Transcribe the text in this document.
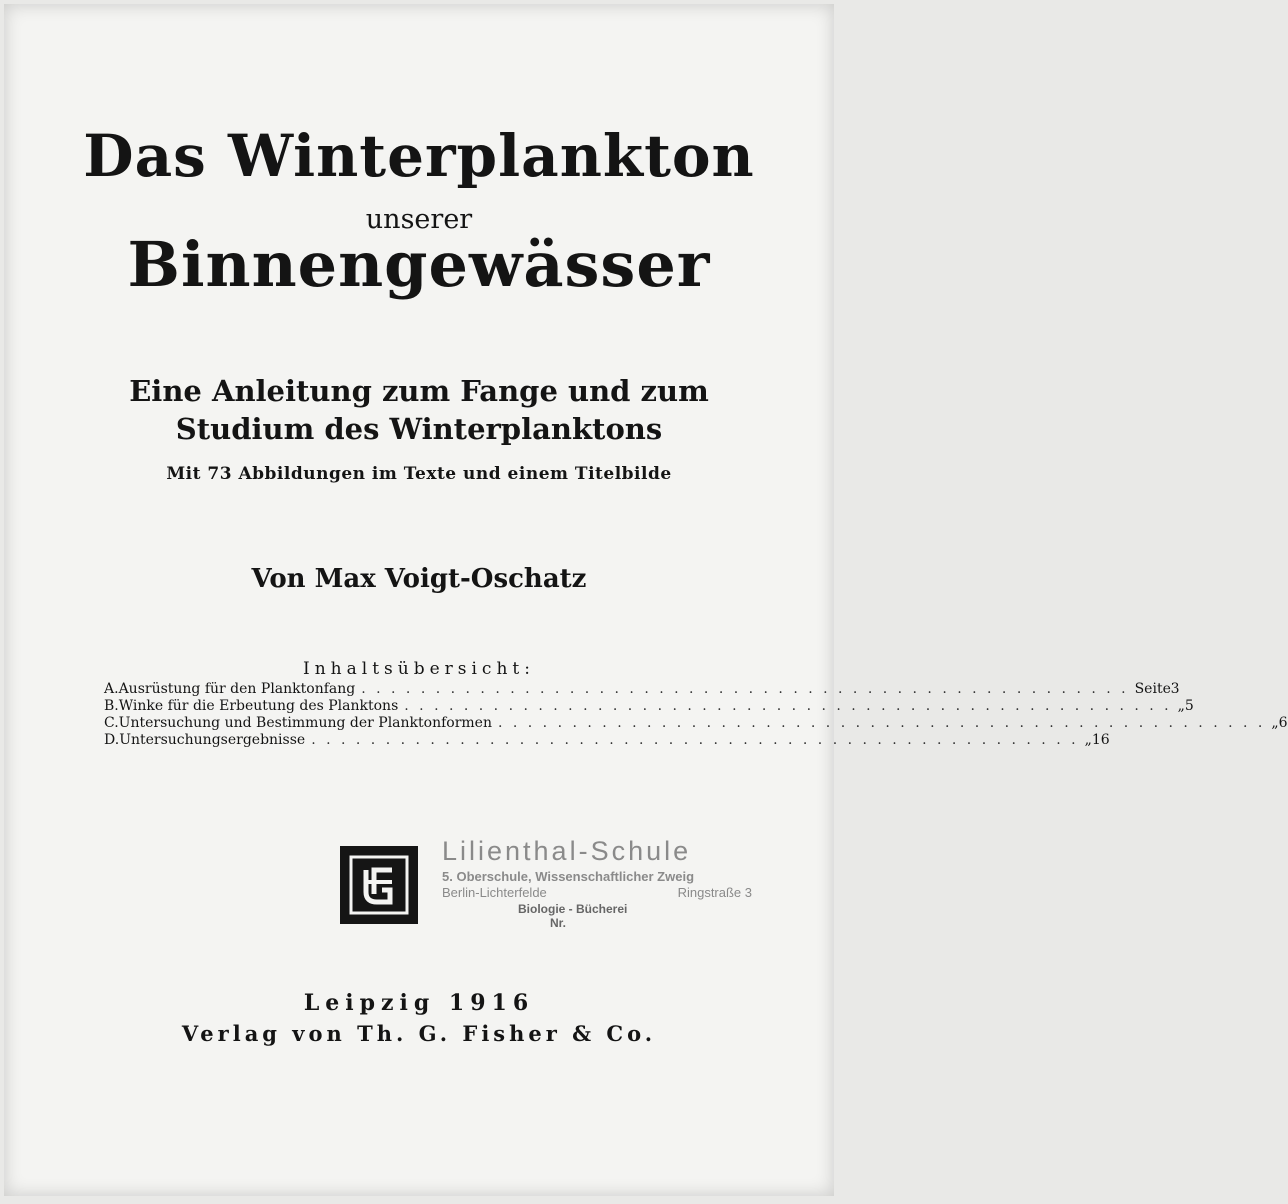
Das Winterplankton
unserer
Binnengewässer
Eine Anleitung zum Fange und zum
Studium des Winterplanktons
Mit 73 Abbildungen im Texte und einem Titelbilde
Von Max Voigt-Oschatz
Inhaltsübersicht:
A. Ausrüstung für den Planktonfang . . . . . . . . . . . . . . . . . . . . . . . . . . . . . . . . . . . . . . . . . . . . . . . . . . . . Seite 3
B. Winke für die Erbeutung des Planktons . . . . . . . . . . . . . . . . . . . . . . . . . . . . . . . . . . . . . . . . . . . . . . . . . . . . „ 5
C. Untersuchung und Bestimmung der Planktonformen . . . . . . . . . . . . . . . . . . . . . . . . . . . . . . . . . . . . . . . . . . . . . . . . . . . . „ 6
D. Untersuchungsergebnisse . . . . . . . . . . . . . . . . . . . . . . . . . . . . . . . . . . . . . . . . . . . . . . . . . . . . „ 16
Lilienthal-Schule
5. Oberschule, Wissenschaftlicher Zweig
Berlin-Lichterfelde	Ringstraße 3
Biologie - Bücherei
Nr.
Leipzig 1916
Verlag von Th. G. Fisher & Co.
